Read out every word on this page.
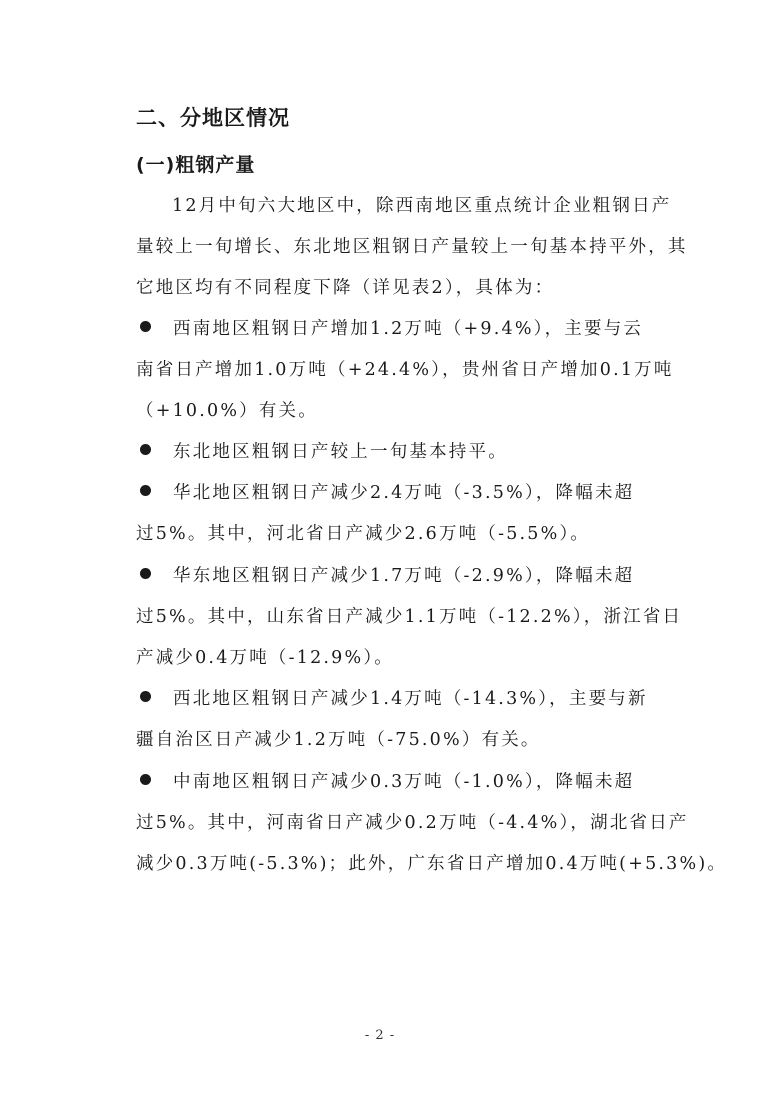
二、分地区情况
(一)粗钢产量

12月中旬六大地区中，除西南地区重点统计企业粗钢日产
量较上一旬增长、东北地区粗钢日产量较上一旬基本持平外，其
它地区均有不同程度下降（详见表2），具体为：

西南地区粗钢日产增加1.2万吨（+9.4%），主要与云
南省日产增加1.0万吨（+24.4%），贵州省日产增加0.1万吨
（+10.0%）有关。

东北地区粗钢日产较上一旬基本持平。

华北地区粗钢日产减少2.4万吨（-3.5%），降幅未超
过5%。其中，河北省日产减少2.6万吨（-5.5%）。

华东地区粗钢日产减少1.7万吨（-2.9%），降幅未超
过5%。其中，山东省日产减少1.1万吨（-12.2%），浙江省日
产减少0.4万吨（-12.9%）。

西北地区粗钢日产减少1.4万吨（-14.3%），主要与新
疆自治区日产减少1.2万吨（-75.0%）有关。

中南地区粗钢日产减少0.3万吨（-1.0%），降幅未超
过5%。其中，河南省日产减少0.2万吨（-4.4%），湖北省日产
减少0.3万吨(-5.3%)；此外，广东省日产增加0.4万吨(+5.3%)。

- 2 -
